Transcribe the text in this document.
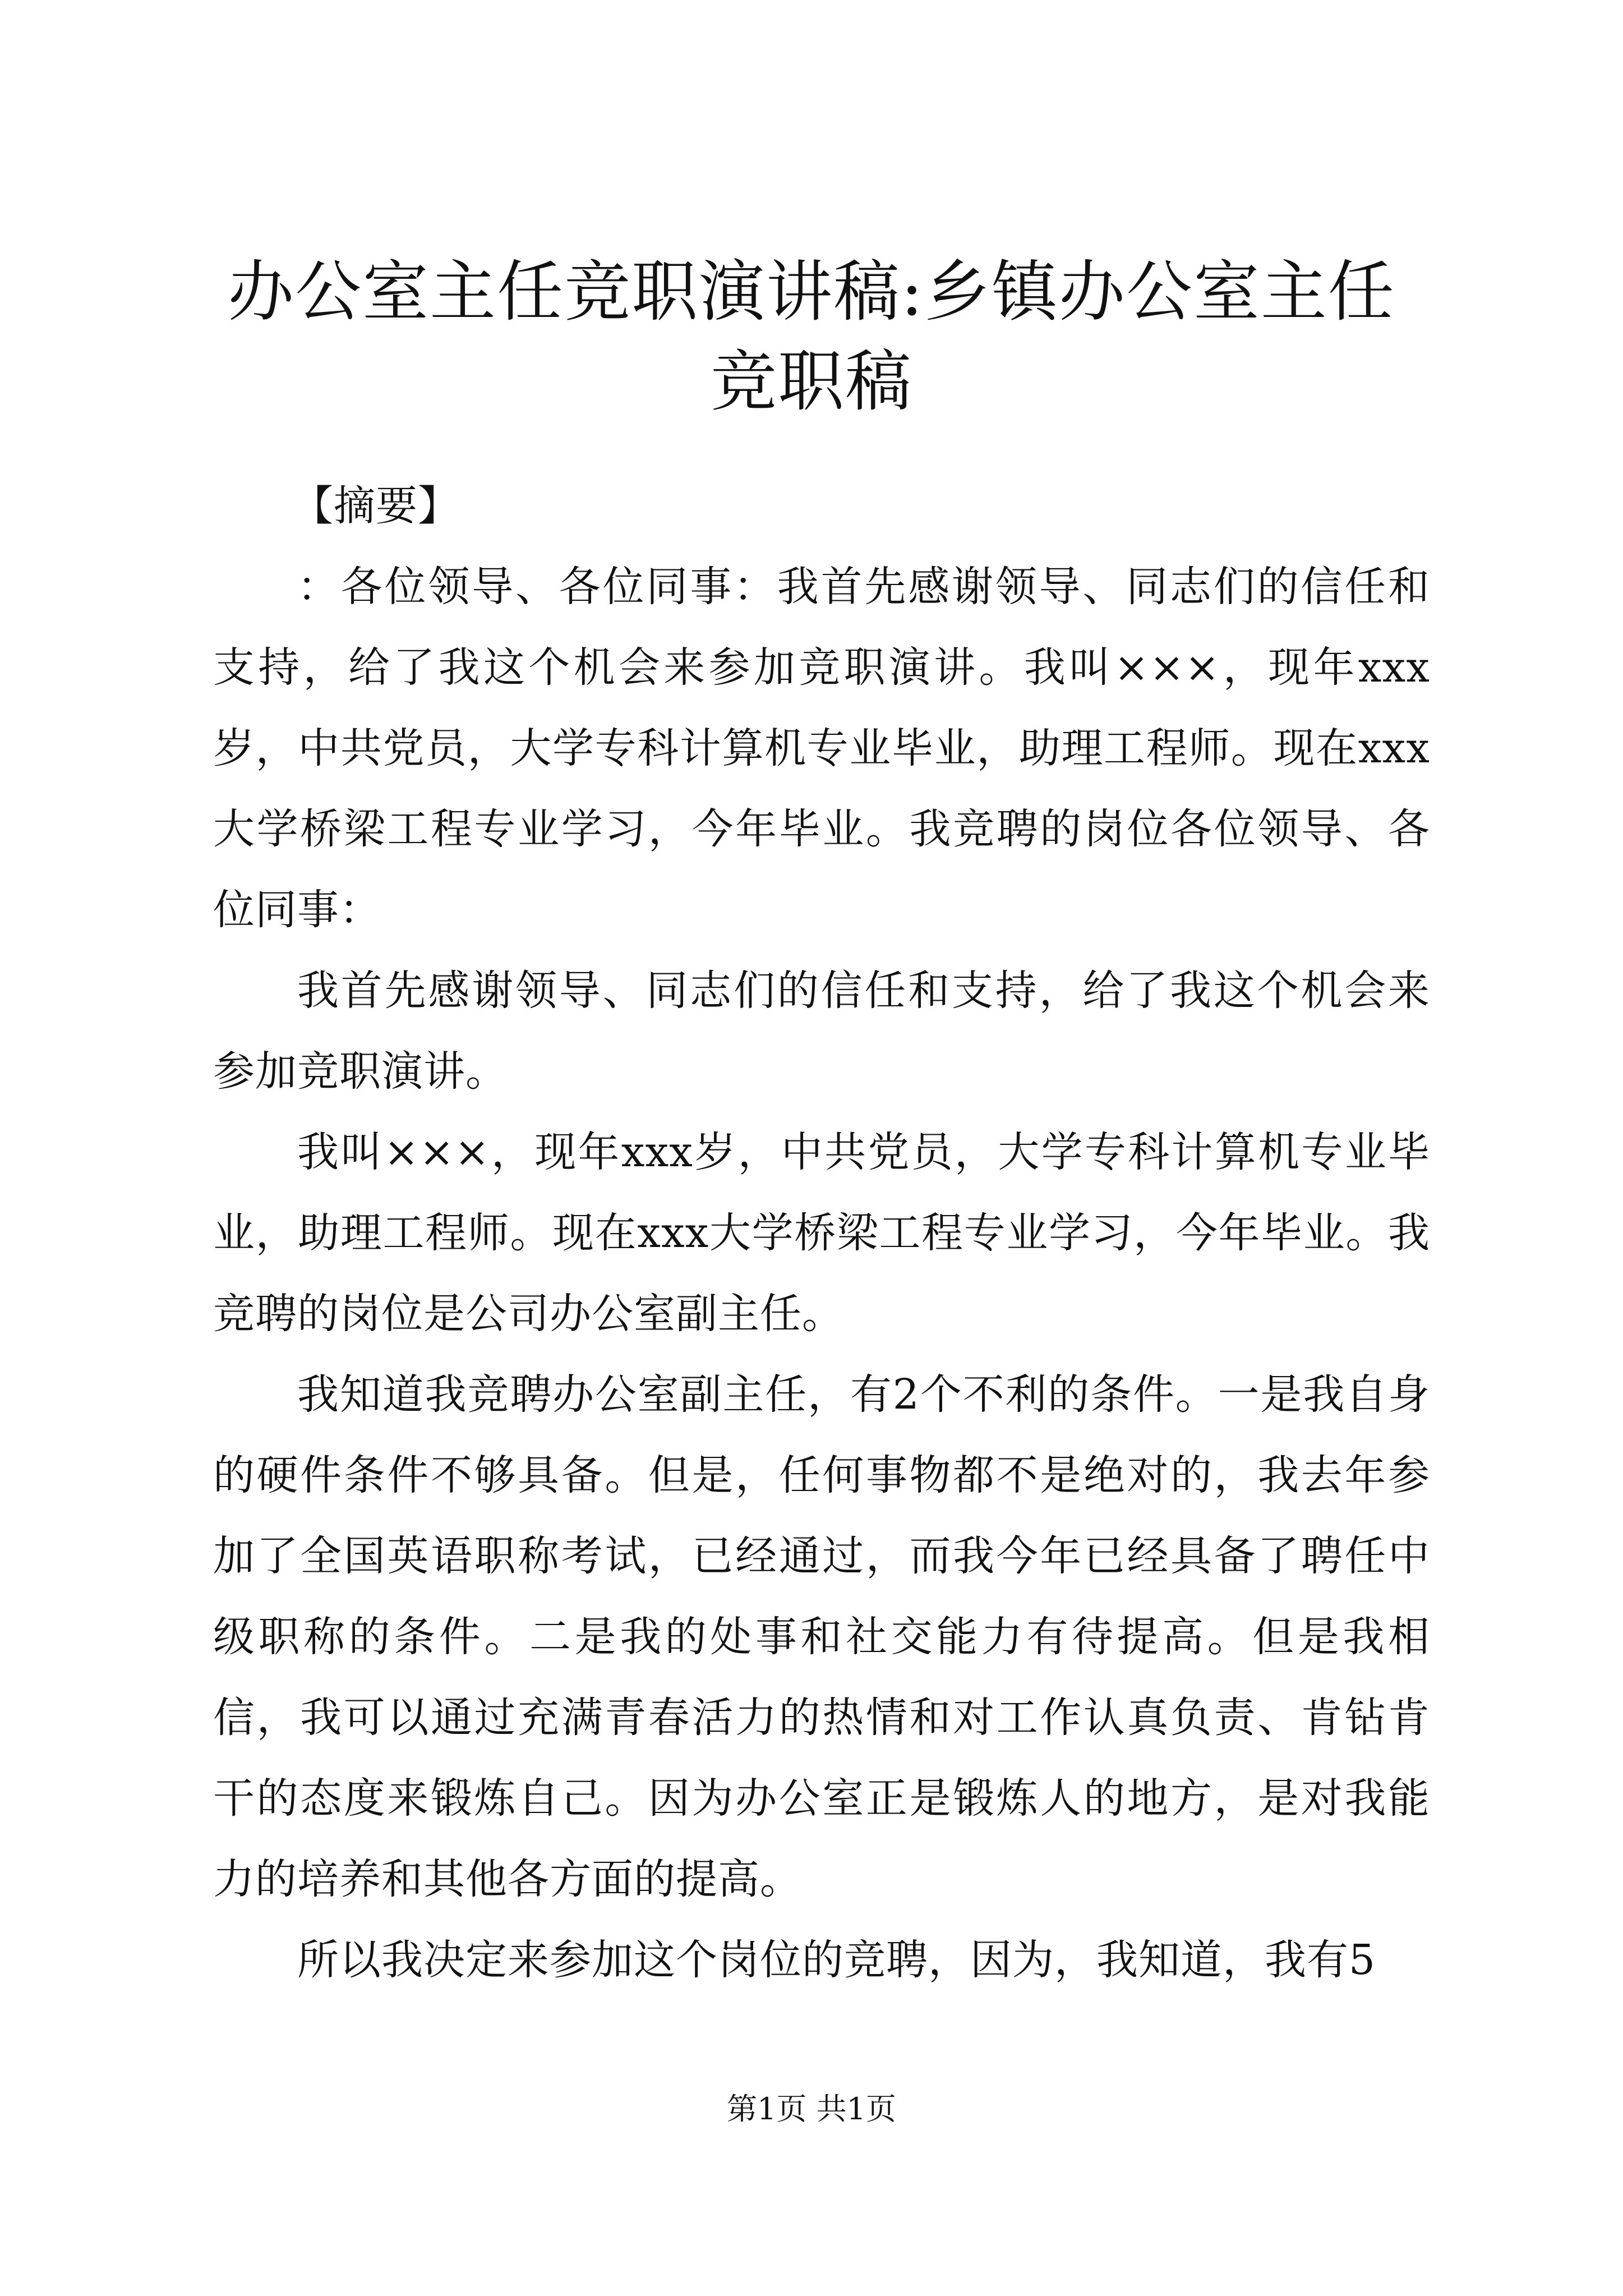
办公室主任竞职演讲稿:乡镇办公室主任竞职稿

【摘要】

：各位领导、各位同事：我首先感谢领导、同志们的信任和支持，给了我这个机会来参加竞职演讲。我叫×××，现年xxx岁，中共党员，大学专科计算机专业毕业，助理工程师。现在xxx大学桥梁工程专业学习，今年毕业。我竞聘的岗位各位领导、各位同事：

我首先感谢领导、同志们的信任和支持，给了我这个机会来参加竞职演讲。

我叫×××，现年xxx岁，中共党员，大学专科计算机专业毕业，助理工程师。现在xxx大学桥梁工程专业学习，今年毕业。我竞聘的岗位是公司办公室副主任。

我知道我竞聘办公室副主任，有2个不利的条件。一是我自身的硬件条件不够具备。但是，任何事物都不是绝对的，我去年参加了全国英语职称考试，已经通过，而我今年已经具备了聘任中级职称的条件。二是我的处事和社交能力有待提高。但是我相信，我可以通过充满青春活力的热情和对工作认真负责、肯钻肯干的态度来锻炼自己。因为办公室正是锻炼人的地方，是对我能力的培养和其他各方面的提高。

所以我决定来参加这个岗位的竞聘，因为，我知道，我有5

第1页 共1页
